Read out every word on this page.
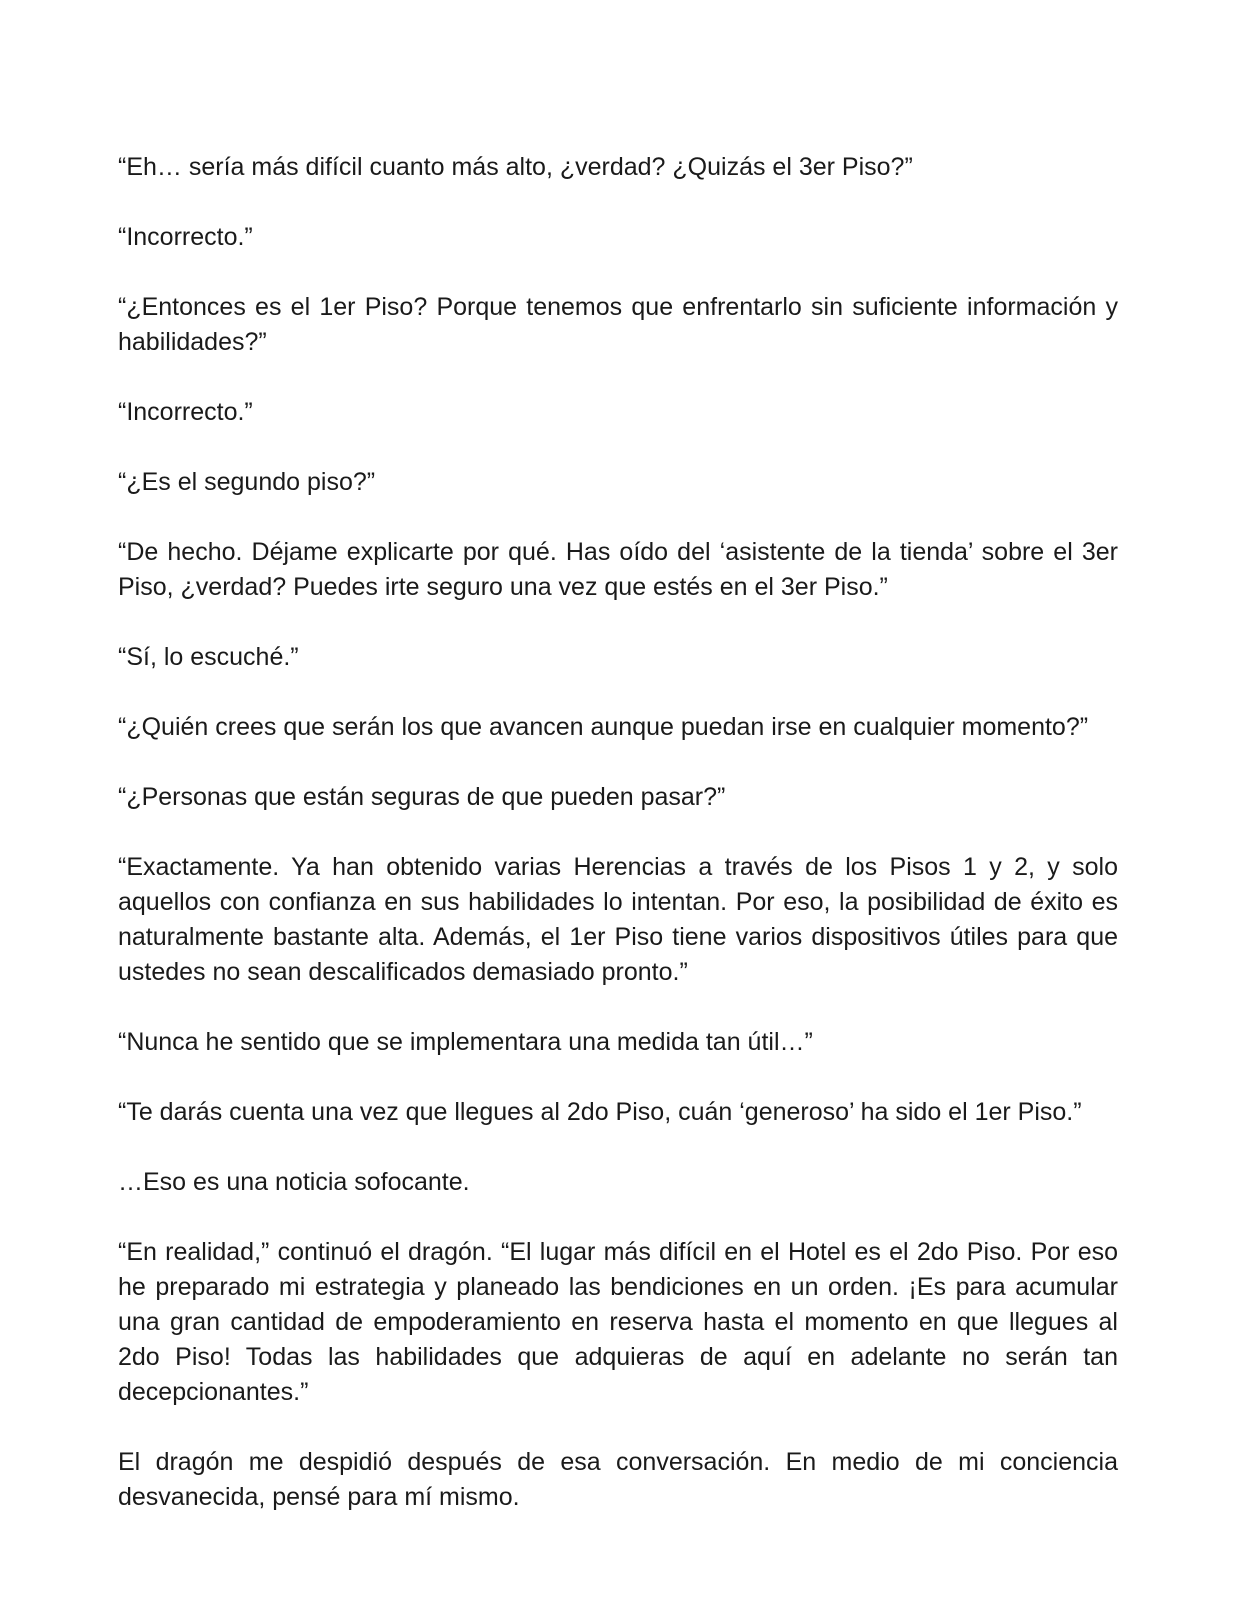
“Eh… sería más difícil cuanto más alto, ¿verdad? ¿Quizás el 3er Piso?”

“Incorrecto.”

“¿Entonces es el 1er Piso? Porque tenemos que enfrentarlo sin suficiente información y habilidades?”

“Incorrecto.”

“¿Es el segundo piso?”

“De hecho. Déjame explicarte por qué. Has oído del ‘asistente de la tienda’ sobre el 3er Piso, ¿verdad? Puedes irte seguro una vez que estés en el 3er Piso.”

“Sí, lo escuché.”

“¿Quién crees que serán los que avancen aunque puedan irse en cualquier momento?”

“¿Personas que están seguras de que pueden pasar?”

“Exactamente. Ya han obtenido varias Herencias a través de los Pisos 1 y 2, y solo aquellos con confianza en sus habilidades lo intentan. Por eso, la posibilidad de éxito es naturalmente bastante alta. Además, el 1er Piso tiene varios dispositivos útiles para que ustedes no sean descalificados demasiado pronto.”

“Nunca he sentido que se implementara una medida tan útil…”

“Te darás cuenta una vez que llegues al 2do Piso, cuán ‘generoso’ ha sido el 1er Piso.”

…Eso es una noticia sofocante.

“En realidad,” continuó el dragón. “El lugar más difícil en el Hotel es el 2do Piso. Por eso he preparado mi estrategia y planeado las bendiciones en un orden. ¡Es para acumular una gran cantidad de empoderamiento en reserva hasta el momento en que llegues al 2do Piso! Todas las habilidades que adquieras de aquí en adelante no serán tan decepcionantes.”

El dragón me despidió después de esa conversación. En medio de mi conciencia desvanecida, pensé para mí mismo.
